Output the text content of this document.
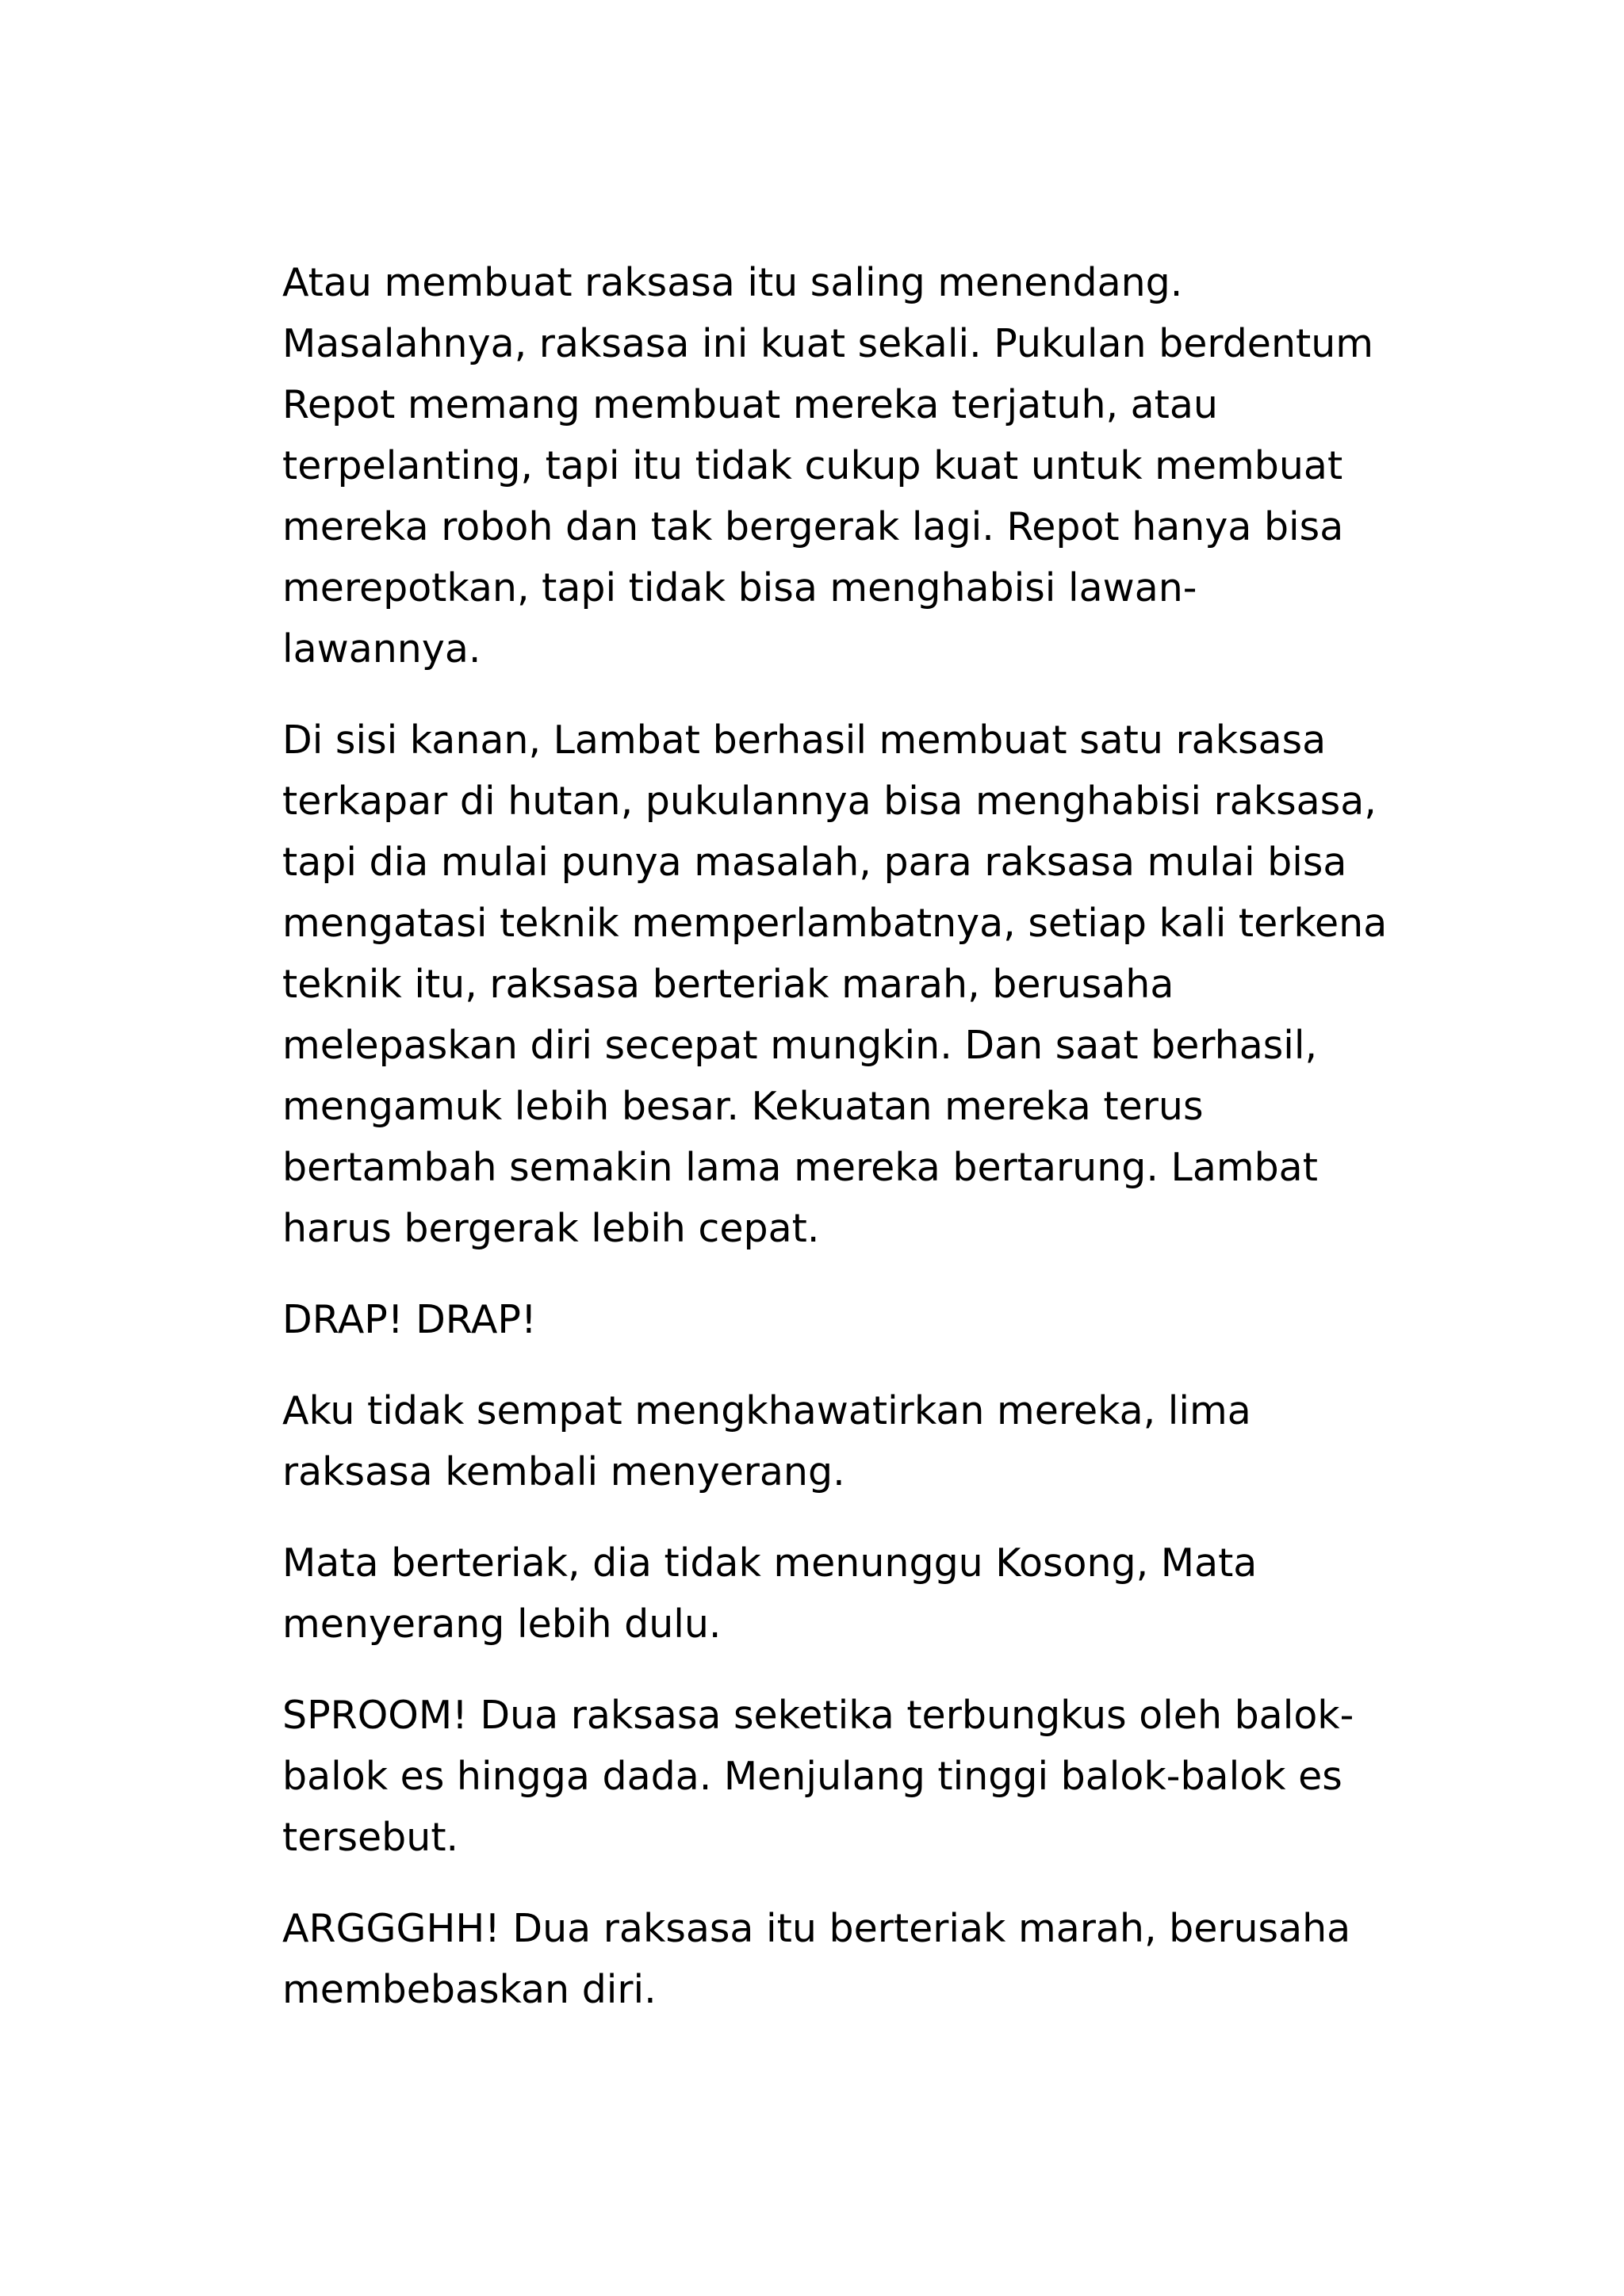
Atau membuat raksasa itu saling menendang.
Masalahnya, raksasa ini kuat sekali. Pukulan berdentum
Repot memang membuat mereka terjatuh, atau
terpelanting, tapi itu tidak cukup kuat untuk membuat
mereka roboh dan tak bergerak lagi. Repot hanya bisa
merepotkan, tapi tidak bisa menghabisi lawan-
lawannya.

Di sisi kanan, Lambat berhasil membuat satu raksasa
terkapar di hutan, pukulannya bisa menghabisi raksasa,
tapi dia mulai punya masalah, para raksasa mulai bisa
mengatasi teknik memperlambatnya, setiap kali terkena
teknik itu, raksasa berteriak marah, berusaha
melepaskan diri secepat mungkin. Dan saat berhasil,
mengamuk lebih besar. Kekuatan mereka terus
bertambah semakin lama mereka bertarung. Lambat
harus bergerak lebih cepat.

DRAP! DRAP!

Aku tidak sempat mengkhawatirkan mereka, lima
raksasa kembali menyerang.

Mata berteriak, dia tidak menunggu Kosong, Mata
menyerang lebih dulu.

SPROOM! Dua raksasa seketika terbungkus oleh balok-
balok es hingga dada. Menjulang tinggi balok-balok es
tersebut.

ARGGGHH! Dua raksasa itu berteriak marah, berusaha
membebaskan diri.
